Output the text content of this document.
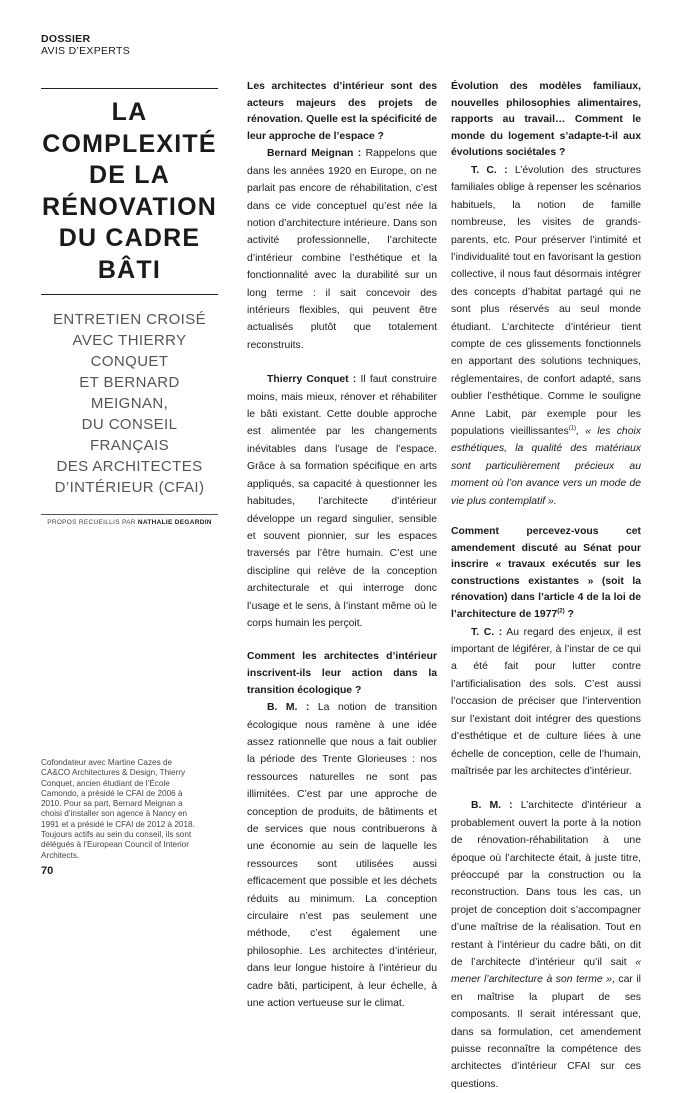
DOSSIER
AVIS D’EXPERTS
LA COMPLEXITÉ
DE LA
RÉNOVATION
DU CADRE BÂTI
ENTRETIEN CROISÉ
AVEC THIERRY CONQUET
ET BERNARD MEIGNAN,
DU CONSEIL FRANÇAIS
DES ARCHITECTES
D’INTÉRIEUR (CFAI)
PROPOS RECUEILLIS PAR NATHALIE DEGARDIN
Cofondateur avec Martine Cazes de CA&CO Architectures & Design, Thierry Conquet, ancien étudiant de l’École Camondo, a présidé le CFAI de 2006 à 2010. Pour sa part, Bernard Meignan a choisi d’installer son agence à Nancy en 1991 et a présidé le CFAI de 2012 à 2018. Toujours actifs au sein du conseil, ils sont délégués à l’European Council of Interior Architects.
70

Les architectes d’intérieur sont des acteurs majeurs des projets de rénovation. Quelle est la spécificité de leur approche de l’espace ?

Bernard Meignan : Rappelons que dans les années 1920 en Europe, on ne parlait pas encore de réhabilitation, c’est dans ce vide conceptuel qu’est née la notion d’architecture intérieure. Dans son activité professionnelle, l’architecte d’intérieur combine l’esthétique et la fonctionnalité avec la durabilité sur un long terme : il sait concevoir des intérieurs flexibles, qui peuvent être actualisés plutôt que totalement reconstruits.

Thierry Conquet : Il faut construire moins, mais mieux, rénover et réhabiliter le bâti existant. Cette double approche est alimentée par les changements inévitables dans l’usage de l’espace. Grâce à sa formation spécifique en arts appliqués, sa capacité à questionner les habitudes, l’architecte d’intérieur développe un regard singulier, sensible et souvent pionnier, sur les espaces traversés par l’être humain. C’est une discipline qui relève de la conception architecturale et qui interroge donc l’usage et le sens, à l’instant même où le corps humain les perçoit.

Comment les architectes d’intérieur inscrivent-ils leur action dans la transition écologique ?

B. M. : La notion de transition écologique nous ramène à une idée assez rationnelle que nous a fait oublier la période des Trente Glorieuses : nos ressources naturelles ne sont pas illimitées. C’est par une approche de conception de produits, de bâtiments et de services que nous contribuerons à une économie au sein de laquelle les ressources sont utilisées aussi efficacement que possible et les déchets réduits au minimum. La conception circulaire n’est pas seulement une méthode, c’est également une philosophie. Les architectes d’intérieur, dans leur longue histoire à l’intérieur du cadre bâti, participent, à leur échelle, à une action vertueuse sur le climat.

Évolution des modèles familiaux, nouvelles philosophies alimentaires, rapports au travail… Comment le monde du logement s’adapte-t-il aux évolutions sociétales ?

T. C. : L’évolution des structures familiales oblige à repenser les scénarios habituels, la notion de famille nombreuse, les visites de grands-parents, etc. Pour préserver l’intimité et l’individualité tout en favorisant la gestion collective, il nous faut désormais intégrer des concepts d’habitat partagé qui ne sont plus réservés au seul monde étudiant. L’architecte d’intérieur tient compte de ces glissements fonctionnels en apportant des solutions techniques, réglementaires, de confort adapté, sans oublier l’esthétique. Comme le souligne Anne Labit, par exemple pour les populations vieillissantes$^{(1)}$, « les choix esthétiques, la qualité des matériaux sont particulièrement précieux au moment où l’on avance vers un mode de vie plus contemplatif ».

Comment percevez-vous cet amendement discuté au Sénat pour inscrire « travaux exécutés sur les constructions existantes » (soit la rénovation) dans l’article 4 de la loi de l’architecture de 1977$^{(2)}$ ?

T. C. : Au regard des enjeux, il est important de légiférer, à l’instar de ce qui a été fait pour lutter contre l’artificialisation des sols. C’est aussi l’occasion de préciser que l’intervention sur l’existant doit intégrer des questions d’esthétique et de culture liées à une échelle de conception, celle de l’humain, maîtrisée par les architectes d’intérieur.

B. M. : L’architecte d’intérieur a probablement ouvert la porte à la notion de rénovation-réhabilitation à une époque où l’architecte était, à juste titre, préoccupé par la construction ou la reconstruction. Dans tous les cas, un projet de conception doit s’accompagner d’une maîtrise de la réalisation. Tout en restant à l’intérieur du cadre bâti, on dit de l’architecte d’intérieur qu’il sait « mener l’architecture à son terme », car il en maîtrise la plupart de ses composants. Il serait intéressant que, dans sa formulation, cet amendement puisse reconnaître la compétence des architectes d’intérieur CFAI sur ces questions.
